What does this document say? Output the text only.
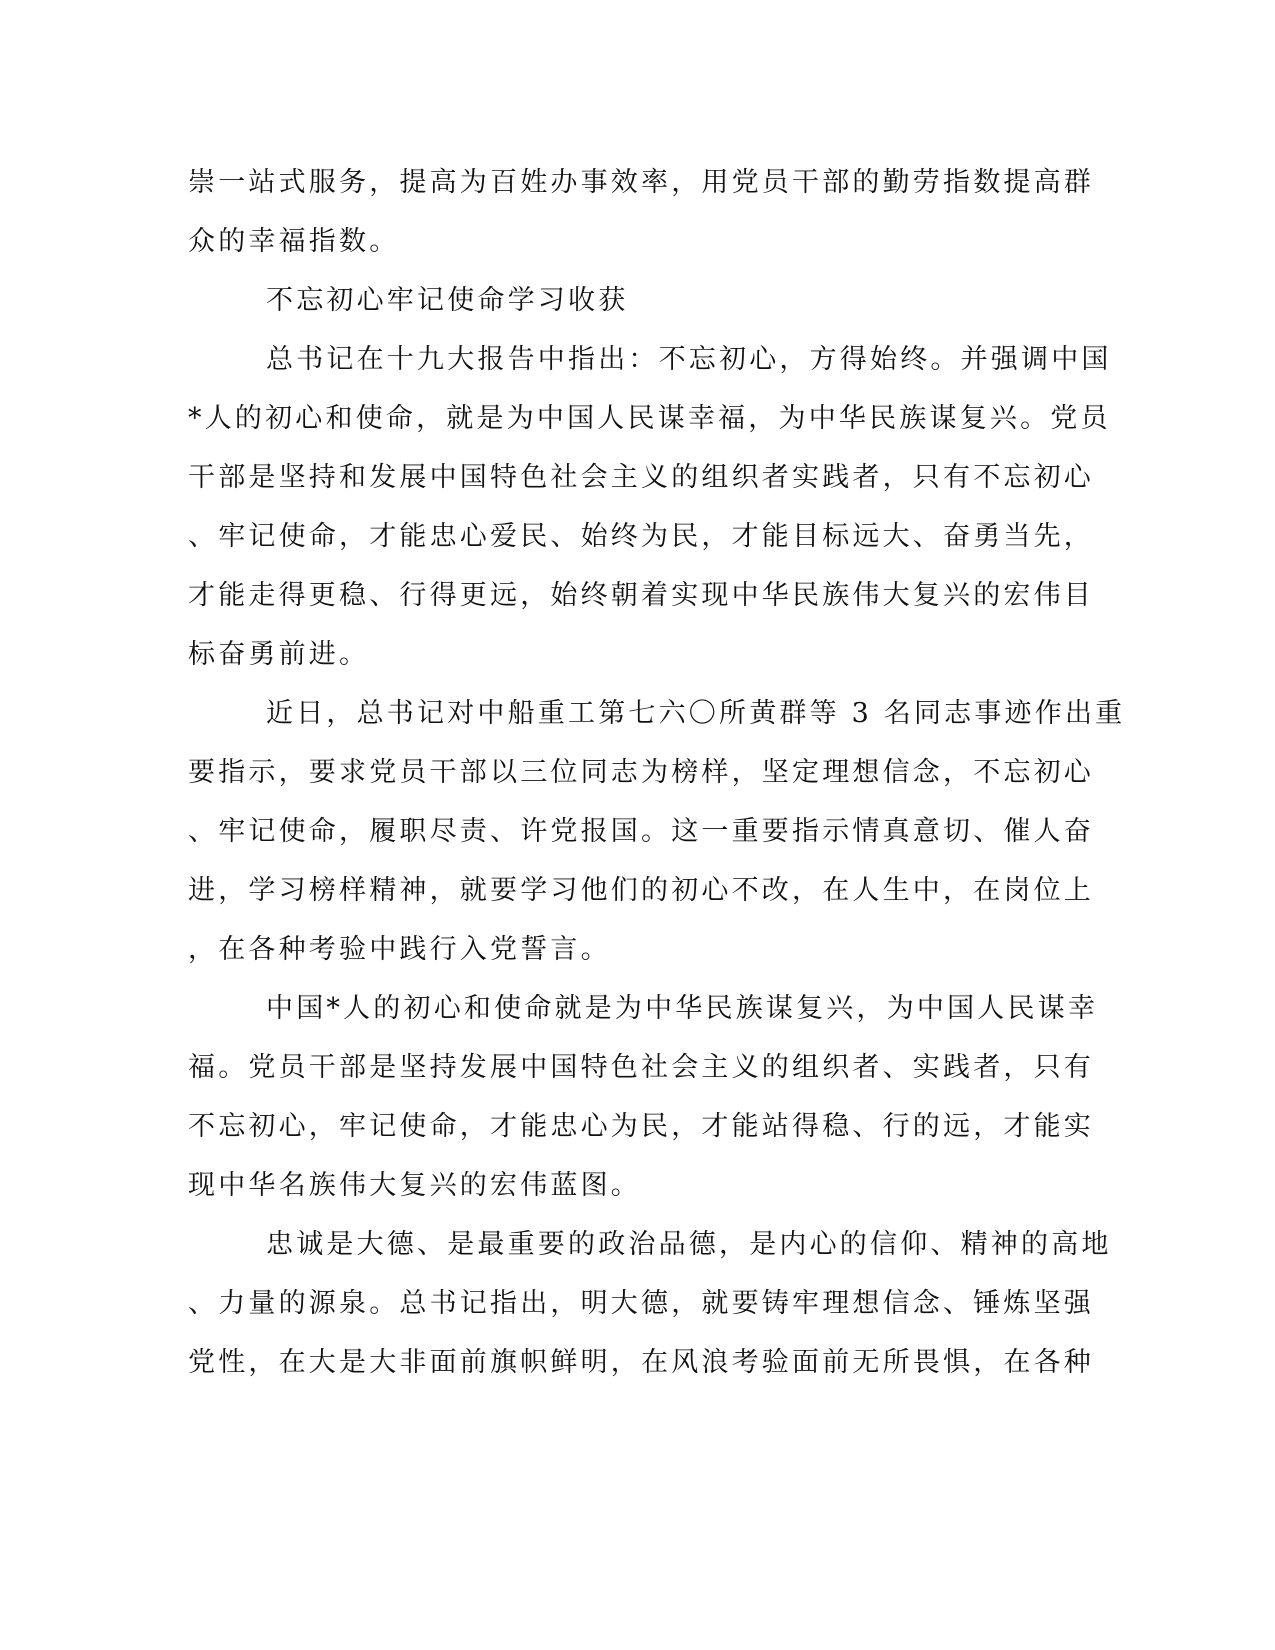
崇一站式服务，提高为百姓办事效率，用党员干部的勤劳指数提高群
众的幸福指数。
不忘初心牢记使命学习收获
总书记在十九大报告中指出：不忘初心，方得始终。并强调中国
*人的初心和使命，就是为中国人民谋幸福，为中华民族谋复兴。党员
干部是坚持和发展中国特色社会主义的组织者实践者，只有不忘初心
、牢记使命，才能忠心爱民、始终为民，才能目标远大、奋勇当先，
才能走得更稳、行得更远，始终朝着实现中华民族伟大复兴的宏伟目
标奋勇前进。
近日，总书记对中船重工第七六〇所黄群等 3 名同志事迹作出重
要指示，要求党员干部以三位同志为榜样，坚定理想信念，不忘初心
、牢记使命，履职尽责、许党报国。这一重要指示情真意切、催人奋
进，学习榜样精神，就要学习他们的初心不改，在人生中，在岗位上
，在各种考验中践行入党誓言。
中国*人的初心和使命就是为中华民族谋复兴，为中国人民谋幸
福。党员干部是坚持发展中国特色社会主义的组织者、实践者，只有
不忘初心，牢记使命，才能忠心为民，才能站得稳、行的远，才能实
现中华名族伟大复兴的宏伟蓝图。
忠诚是大德、是最重要的政治品德，是内心的信仰、精神的高地
、力量的源泉。总书记指出，明大德，就要铸牢理想信念、锤炼坚强
党性，在大是大非面前旗帜鲜明，在风浪考验面前无所畏惧，在各种
